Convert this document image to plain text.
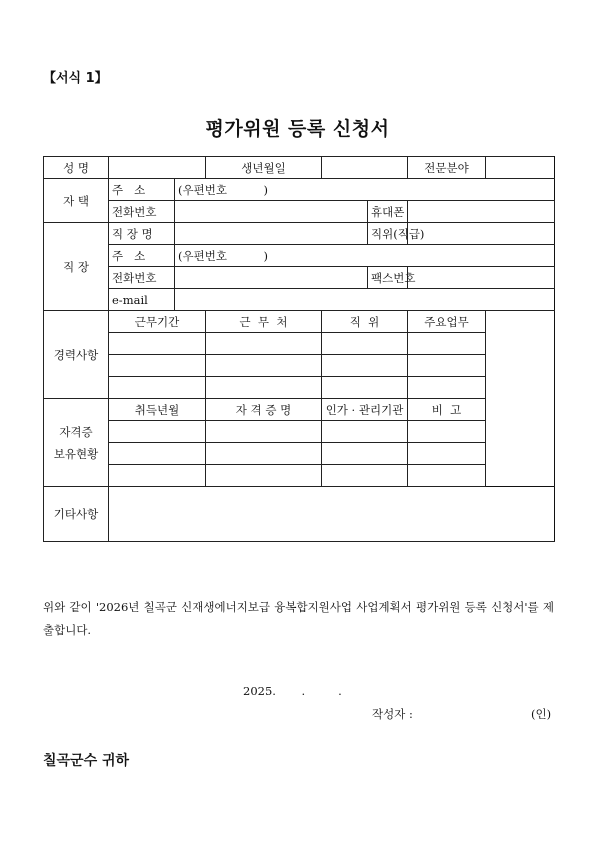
【서식 1】
평가위원 등록 신청서
성 명			생년월일			전문분야	
자 택	주   소	(우편번호          )					
	전화번호				휴대폰		
직 장	직 장 명				직위(직급)		
	주   소	(우편번호          )					
	전화번호				팩스번호		
	e-mail						
경력사항	근무기간		근  무  처	직  위		주요업무	

자격증
보유현황	취득년월		자 격 증 명	인가 · 관리기관		비  고	

기타사항							
위와 같이 '2026년 칠곡군 신재생에너지보급 융복합지원사업 사업계획서 평가위원 등록 신청서'를 제출합니다.
2025.       .         .
작성자 :	(인)
칠곡군수 귀하
